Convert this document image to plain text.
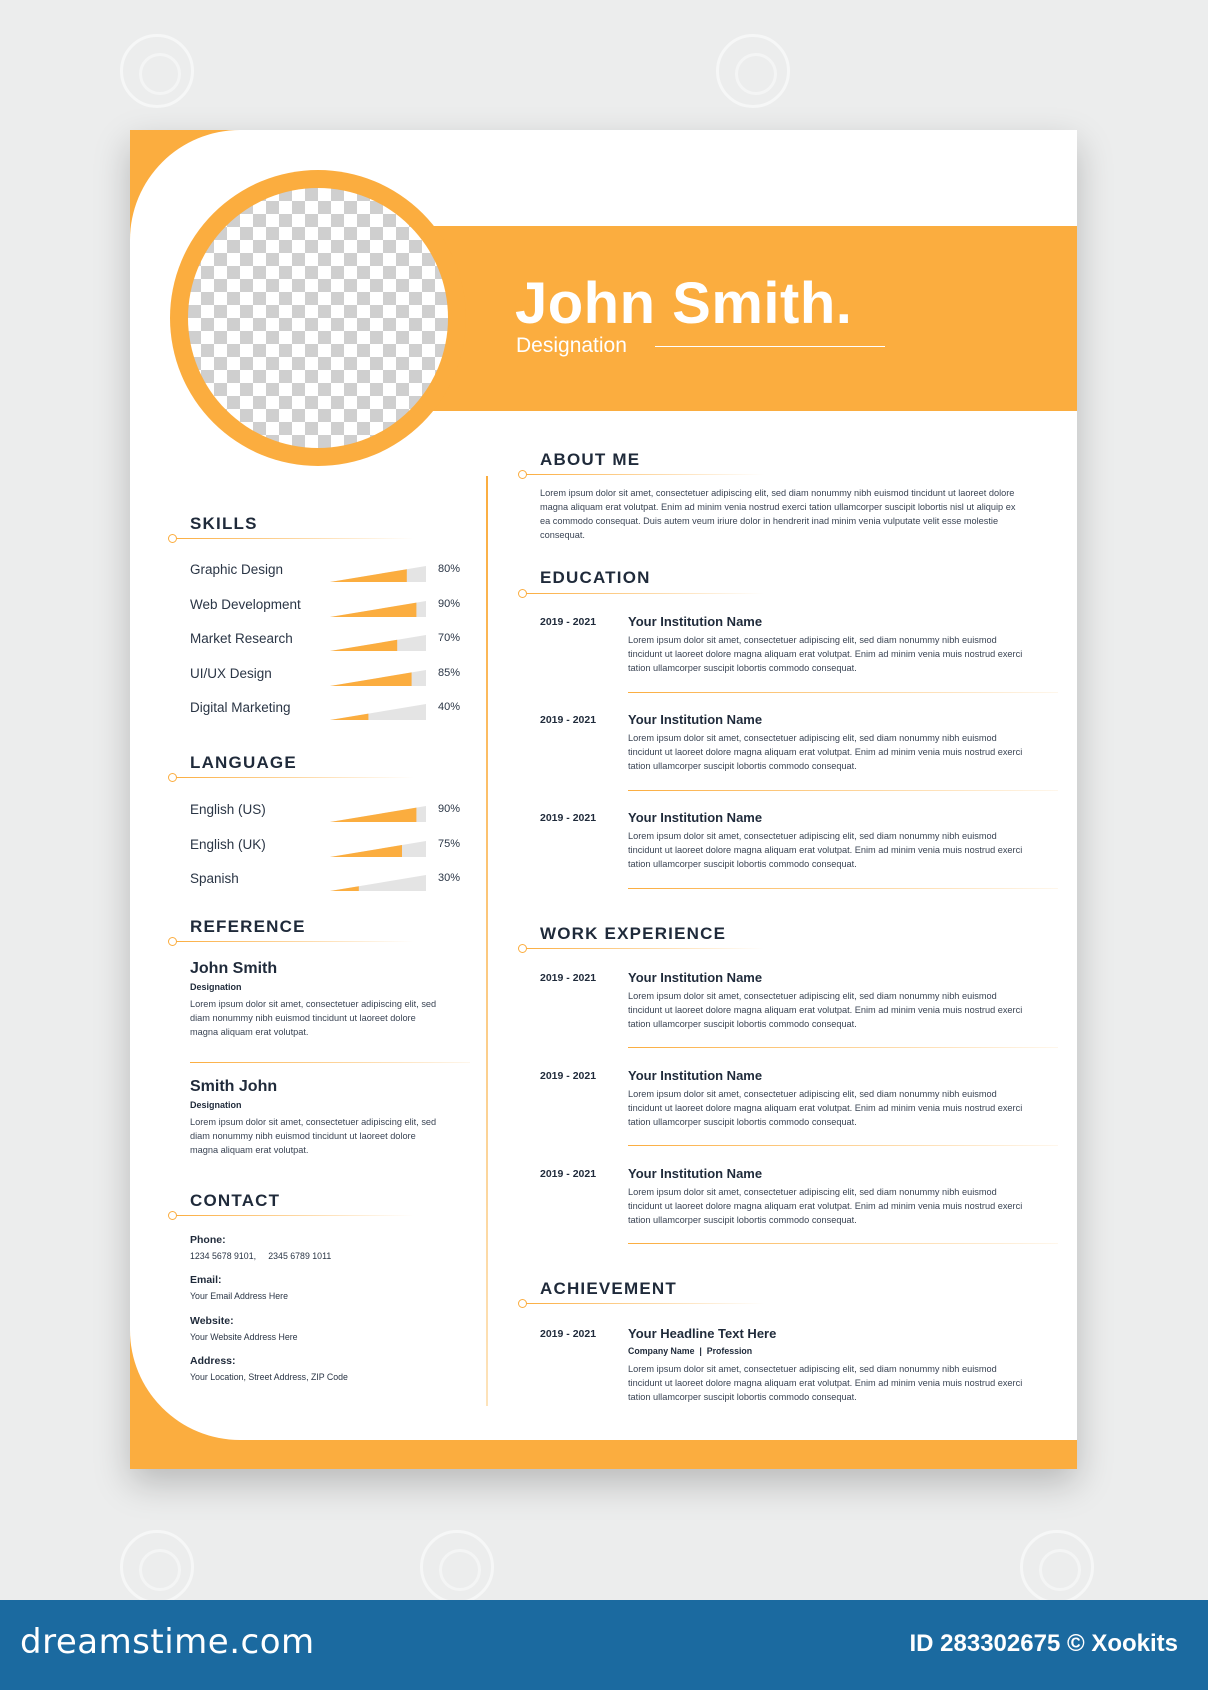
John Smith.
Designation
SKILLS
Graphic Design	80%
Web Development	90%
Market Research	70%
UI/UX Design	85%
Digital Marketing	40%
LANGUAGE
English (US)	90%
English (UK)	75%
Spanish	30%
REFERENCE
John Smith
Designation
Lorem ipsum dolor sit amet, consectetuer adipiscing elit, sed diam nonummy nibh euismod tincidunt ut laoreet dolore magna aliquam erat volutpat.
Smith John
Designation
Lorem ipsum dolor sit amet, consectetuer adipiscing elit, sed diam nonummy nibh euismod tincidunt ut laoreet dolore magna aliquam erat volutpat.
CONTACT
Phone:
1234 5678 9101,     2345 6789 1011
Email:
Your Email Address Here
Website:
Your Website Address Here
Address:
Your Location, Street Address, ZIP Code
ABOUT ME
Lorem ipsum dolor sit amet, consectetuer adipiscing elit, sed diam nonummy nibh euismod tincidunt ut laoreet dolore magna aliquam erat volutpat. Enim ad minim venia nostrud exerci tation ullamcorper suscipit lobortis nisl ut aliquip ex ea commodo consequat. Duis autem veum iriure dolor in hendrerit inad minim venia vulputate velit esse molestie consequat.
EDUCATION
2019 - 2021 Your Institution Name
Lorem ipsum dolor sit amet, consectetuer adipiscing elit, sed diam nonummy nibh euismod tincidunt ut laoreet dolore magna aliquam erat volutpat. Enim ad minim venia muis nostrud exerci tation ullamcorper suscipit lobortis commodo consequat.
2019 - 2021 Your Institution Name
Lorem ipsum dolor sit amet, consectetuer adipiscing elit, sed diam nonummy nibh euismod tincidunt ut laoreet dolore magna aliquam erat volutpat. Enim ad minim venia muis nostrud exerci tation ullamcorper suscipit lobortis commodo consequat.
2019 - 2021 Your Institution Name
Lorem ipsum dolor sit amet, consectetuer adipiscing elit, sed diam nonummy nibh euismod tincidunt ut laoreet dolore magna aliquam erat volutpat. Enim ad minim venia muis nostrud exerci tation ullamcorper suscipit lobortis commodo consequat.
WORK EXPERIENCE
2019 - 2021 Your Institution Name
Lorem ipsum dolor sit amet, consectetuer adipiscing elit, sed diam nonummy nibh euismod tincidunt ut laoreet dolore magna aliquam erat volutpat. Enim ad minim venia muis nostrud exerci tation ullamcorper suscipit lobortis commodo consequat.
2019 - 2021 Your Institution Name
Lorem ipsum dolor sit amet, consectetuer adipiscing elit, sed diam nonummy nibh euismod tincidunt ut laoreet dolore magna aliquam erat volutpat. Enim ad minim venia muis nostrud exerci tation ullamcorper suscipit lobortis commodo consequat.
2019 - 2021 Your Institution Name
Lorem ipsum dolor sit amet, consectetuer adipiscing elit, sed diam nonummy nibh euismod tincidunt ut laoreet dolore magna aliquam erat volutpat. Enim ad minim venia muis nostrud exerci tation ullamcorper suscipit lobortis commodo consequat.
ACHIEVEMENT
2019 - 2021 Your Headline Text Here
Company Name  |  Profession
Lorem ipsum dolor sit amet, consectetuer adipiscing elit, sed diam nonummy nibh euismod tincidunt ut laoreet dolore magna aliquam erat volutpat. Enim ad minim venia muis nostrud exerci tation ullamcorper suscipit lobortis commodo consequat.
dreamstime.com	ID 283302675 © Xookits
